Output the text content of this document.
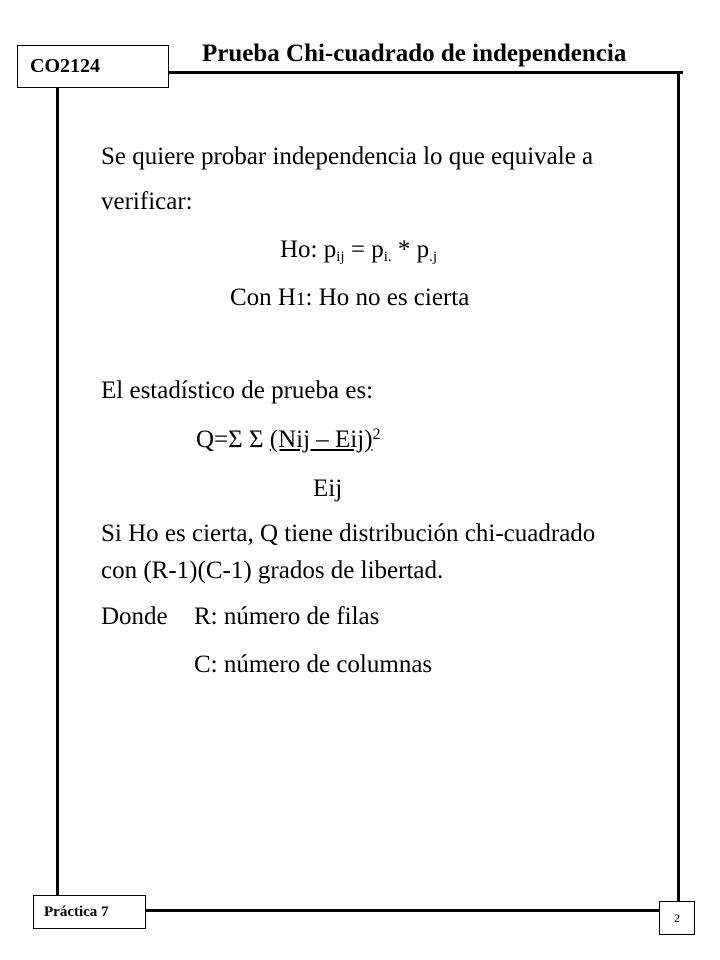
CO2124	Prueba Chi-cuadrado de independencia
Se quiere probar independencia lo que equivale a
verificar:
Ho: $p_{ij} = p_{i.} * p_{.j}$
Con H1: Ho no es cierta
El estadístico de prueba es:
Q=Σ Σ (Nij – Eij)$^2$
Eij
Si Ho es cierta, Q tiene distribución chi-cuadrado
con (R-1)(C-1) grados de libertad.
Donde R: número de filas
C: número de columnas
Práctica 7	2
